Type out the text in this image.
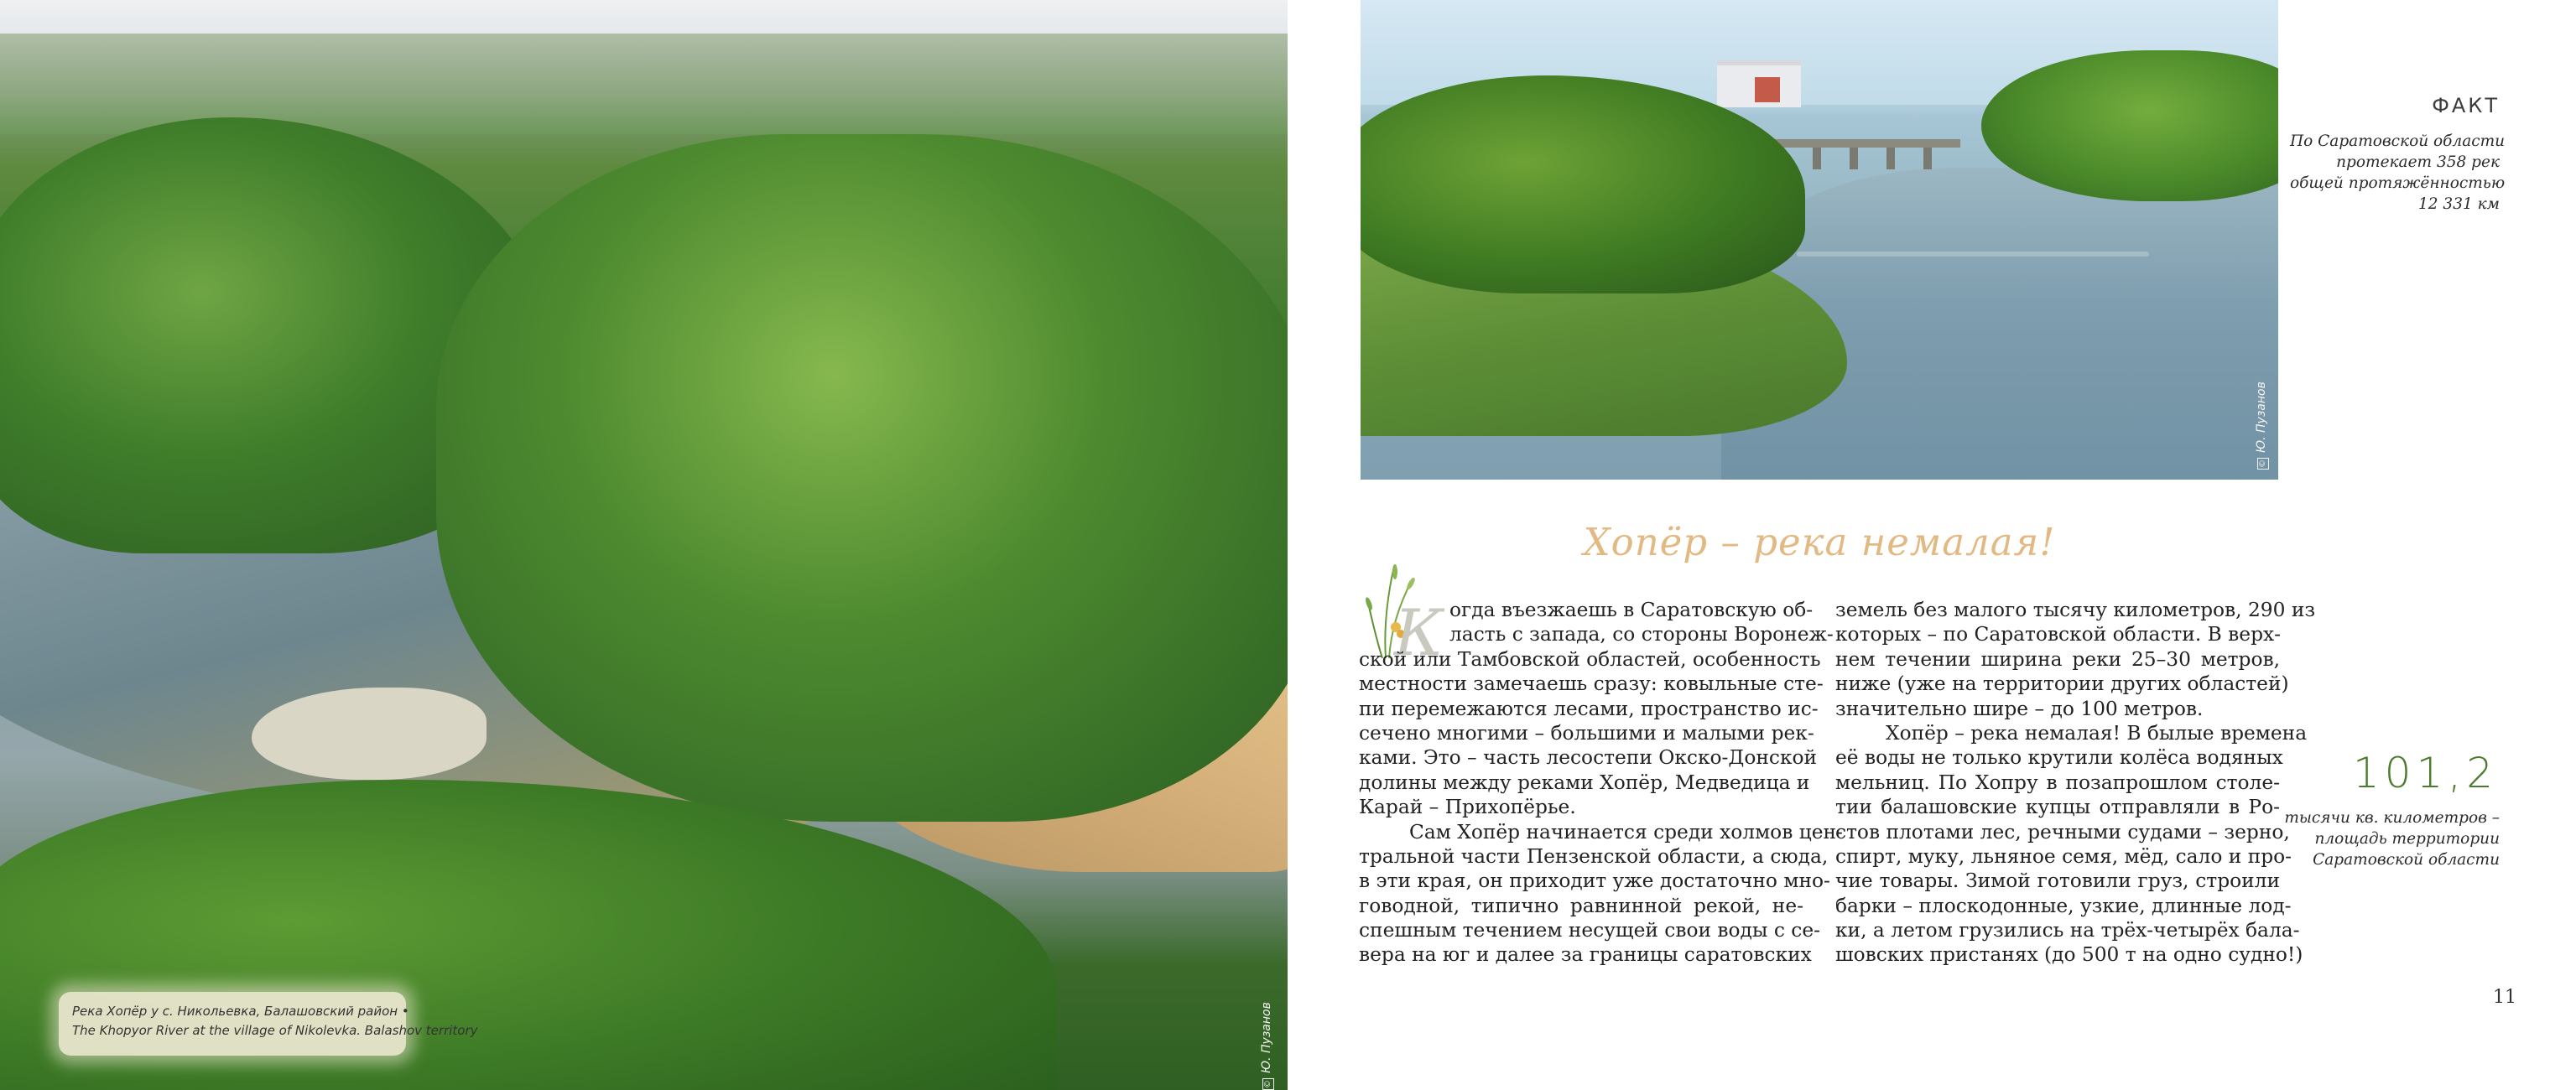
Река Хопёр у с. Никольевка, Балашовский район •
The Khopyor River at the village of Nikolevka. Balashov territory
©Ю. Пузанов
©Ю. Пузанов
ФАКТ
По Саратовской области
протекает 358 рек
общей протяжённостью
12 331 км
Хопёр – река немалая!
К огда въезжаешь в Саратовскую об-
ласть с запада, со стороны Воронеж-
ской или Тамбовской областей, особенность
местности замечаешь сразу: ковыльные сте-
пи перемежаются лесами, пространство ис-
сечено многими – большими и малыми рек-
ками. Это – часть лесостепи Окско-Донской
долины между реками Хопёр, Медведица и
Карай – Прихопёрье.
Сам Хопёр начинается среди холмов цен-
тральной части Пензенской области, а сюда,
в эти края, он приходит уже достаточно мно-
говодной, типично равнинной рекой, не-
спешным течением несущей свои воды с се-
вера на юг и далее за границы саратовских
земель без малого тысячу километров, 290 из
которых – по Саратовской области. В верх-
нем течении ширина реки 25–30 метров,
ниже (уже на территории других областей)
значительно шире – до 100 метров.
Хопёр – река немалая! В былые времена
её воды не только крутили колёса водяных
мельниц. По Хопру в позапрошлом столе-
тии балашовские купцы отправляли в Ро-
стов плотами лес, речными судами – зерно,
спирт, муку, льняное семя, мёд, сало и про-
чие товары. Зимой готовили груз, строили
барки – плоскодонные, узкие, длинные лод-
ки, а летом грузились на трёх-четырёх бала-
шовских пристанях (до 500 т на одно судно!)
101,2
тысячи кв. километров –
площадь территории
Саратовской области
11
